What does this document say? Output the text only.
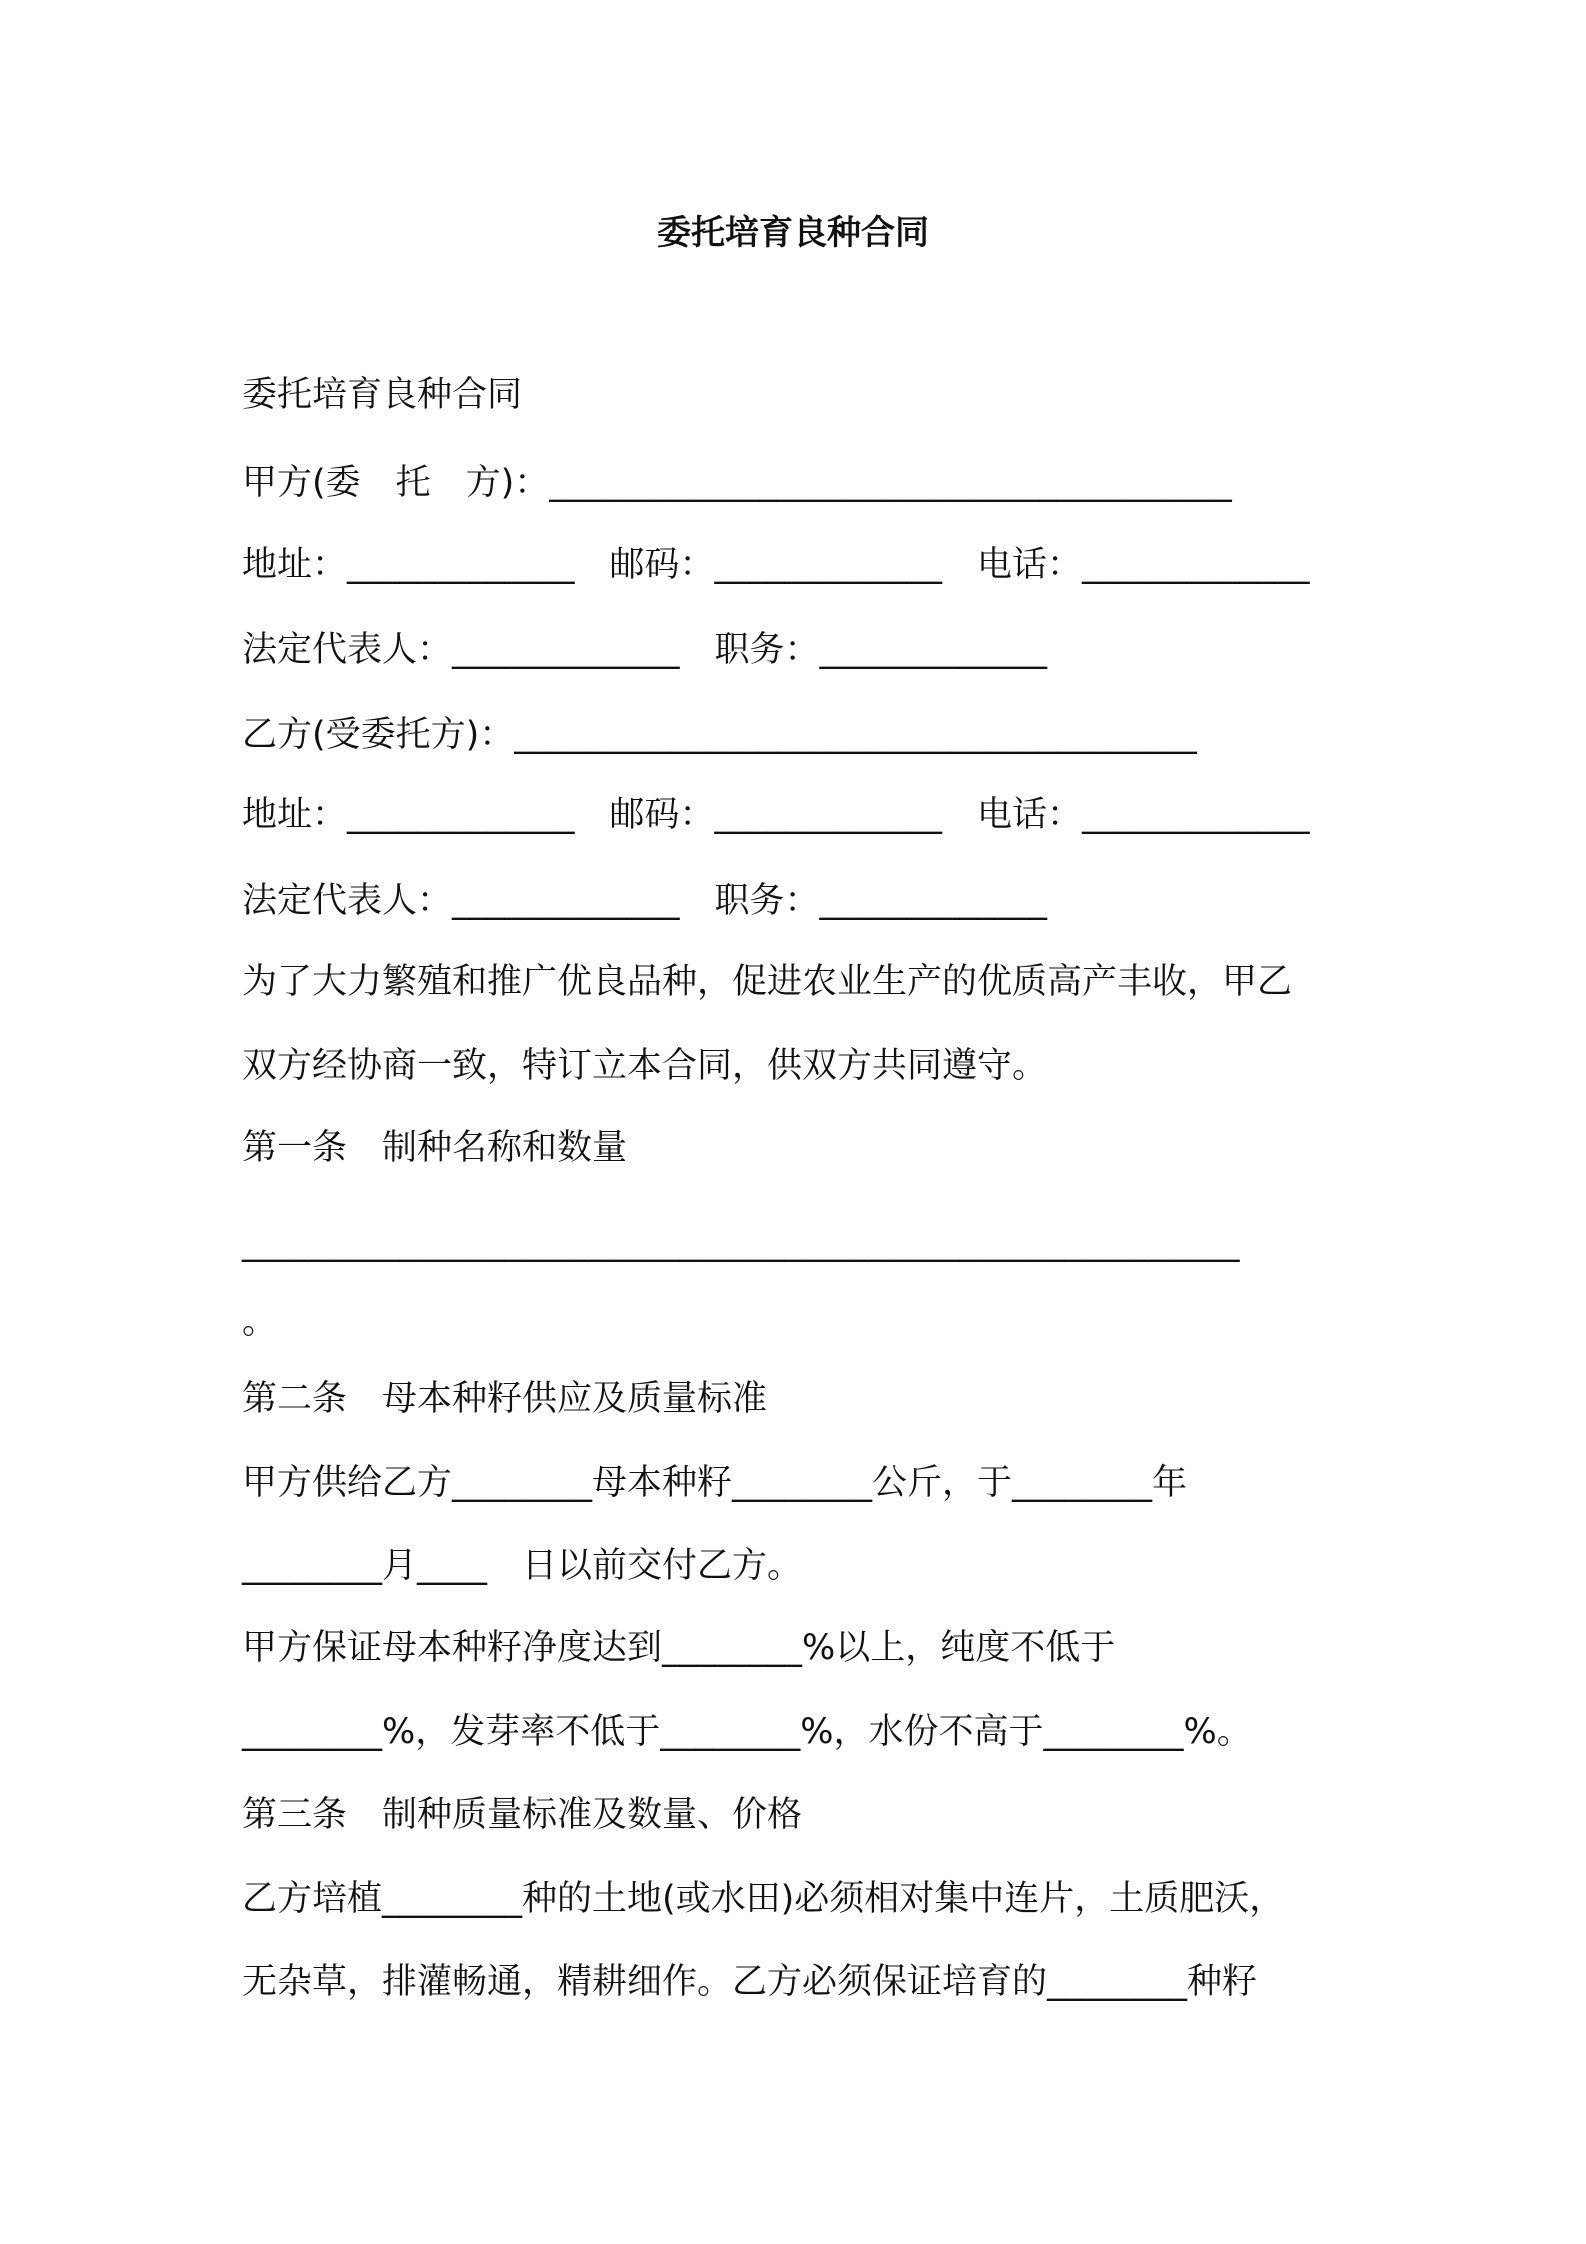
委托培育良种合同
委托培育良种合同
甲方(委　托　方)：_______________________________________
地址：_____________　邮码：_____________　电话：_____________
法定代表人：_____________　职务：_____________
乙方(受委托方)：_______________________________________
地址：_____________　邮码：_____________　电话：_____________
法定代表人：_____________　职务：_____________
为了大力繁殖和推广优良品种，促进农业生产的优质高产丰收，甲乙
双方经协商一致，特订立本合同，供双方共同遵守。
第一条　制种名称和数量
_________________________________________________________
。
第二条　母本种籽供应及质量标准
甲方供给乙方________母本种籽________公斤，于________年
________月____　日以前交付乙方。
甲方保证母本种籽净度达到________%以上，纯度不低于
________%，发芽率不低于________%，水份不高于________%。
第三条　制种质量标准及数量、价格
乙方培植________种的土地(或水田)必须相对集中连片，土质肥沃，
无杂草，排灌畅通，精耕细作。乙方必须保证培育的________种籽
